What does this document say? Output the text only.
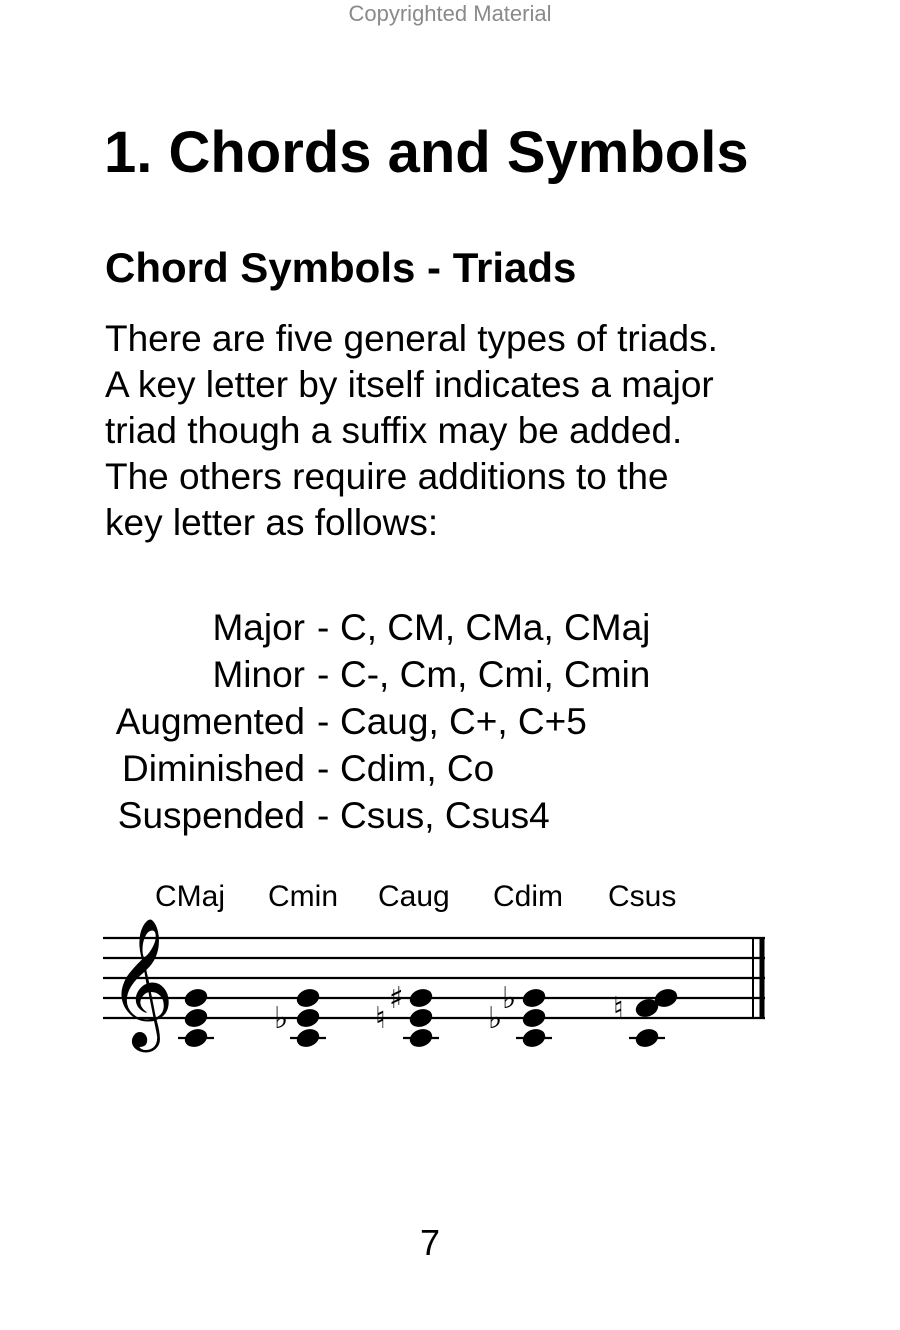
Copyrighted Material
1. Chords and Symbols
Chord Symbols - Triads
There are five general types of triads.
A key letter by itself indicates a major
triad though a suffix may be added.
The others require additions to the
key letter as follows:
Major - C, CM, CMa, CMaj
Minor - C-, Cm, Cmi, Cmin
Augmented - Caug, C+, C+5
Diminished - Cdim, Co
Suspended - Csus, Csus4
CMaj Cmin Caug Cdim Csus
𝄞	♭	♮
♯
♭
♭	♮
7
